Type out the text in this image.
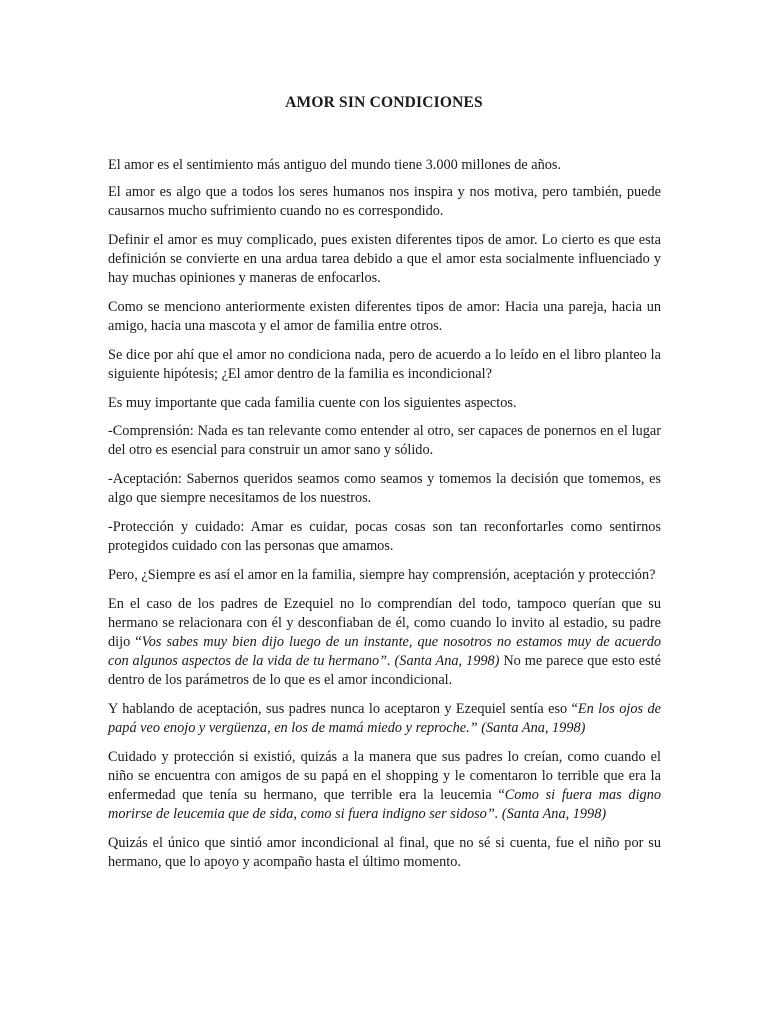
AMOR SIN CONDICIONES

El amor es el sentimiento más antiguo del mundo tiene 3.000 millones de años.

El amor es algo que a todos los seres humanos nos inspira y nos motiva, pero también, puede causarnos mucho sufrimiento cuando no es correspondido.

Definir el amor es muy complicado, pues existen diferentes tipos de amor. Lo cierto es que esta definición se convierte en una ardua tarea debido a que el amor esta socialmente influenciado y hay muchas opiniones y maneras de enfocarlos.

Como se menciono anteriormente existen diferentes tipos de amor: Hacia una pareja, hacia un amigo, hacia una mascota y el amor de familia entre otros.

Se dice por ahí que el amor no condiciona nada, pero de acuerdo a lo leído en el libro planteo la siguiente hipótesis; ¿El amor dentro de la familia es incondicional?

Es muy importante que cada familia cuente con los siguientes aspectos.

-Comprensión: Nada es tan relevante como entender al otro, ser capaces de ponernos en el lugar del otro es esencial para construir un amor sano y sólido.

-Aceptación: Sabernos queridos seamos como seamos y tomemos la decisión que tomemos, es algo que siempre necesitamos de los nuestros.

-Protección y cuidado: Amar es cuidar, pocas cosas son tan reconfortarles como sentirnos protegidos cuidado con las personas que amamos.

Pero, ¿Siempre es así el amor en la familia, siempre hay comprensión, aceptación y protección?

En el caso de los padres de Ezequiel no lo comprendían del todo, tampoco querían que su hermano se relacionara con él y desconfiaban de él, como cuando lo invito al estadio, su padre dijo “Vos sabes muy bien dijo luego de un instante, que nosotros no estamos muy de acuerdo con algunos aspectos de la vida de tu hermano”. (Santa Ana, 1998) No me parece que esto esté dentro de los parámetros de lo que es el amor incondicional.

Y hablando de aceptación, sus padres nunca lo aceptaron y Ezequiel sentía eso “En los ojos de papá veo enojo y vergüenza, en los de mamá miedo y reproche.” (Santa Ana, 1998)

Cuidado y protección si existió, quizás a la manera que sus padres lo creían, como cuando el niño se encuentra con amigos de su papá en el shopping y le comentaron lo terrible que era la enfermedad que tenía su hermano, que terrible era la leucemia “Como si fuera mas digno morirse de leucemia que de sida, como si fuera indigno ser sidoso”. (Santa Ana, 1998)

Quizás el único que sintió amor incondicional al final, que no sé si cuenta, fue el niño por su hermano, que lo apoyo y acompaño hasta el último momento.
